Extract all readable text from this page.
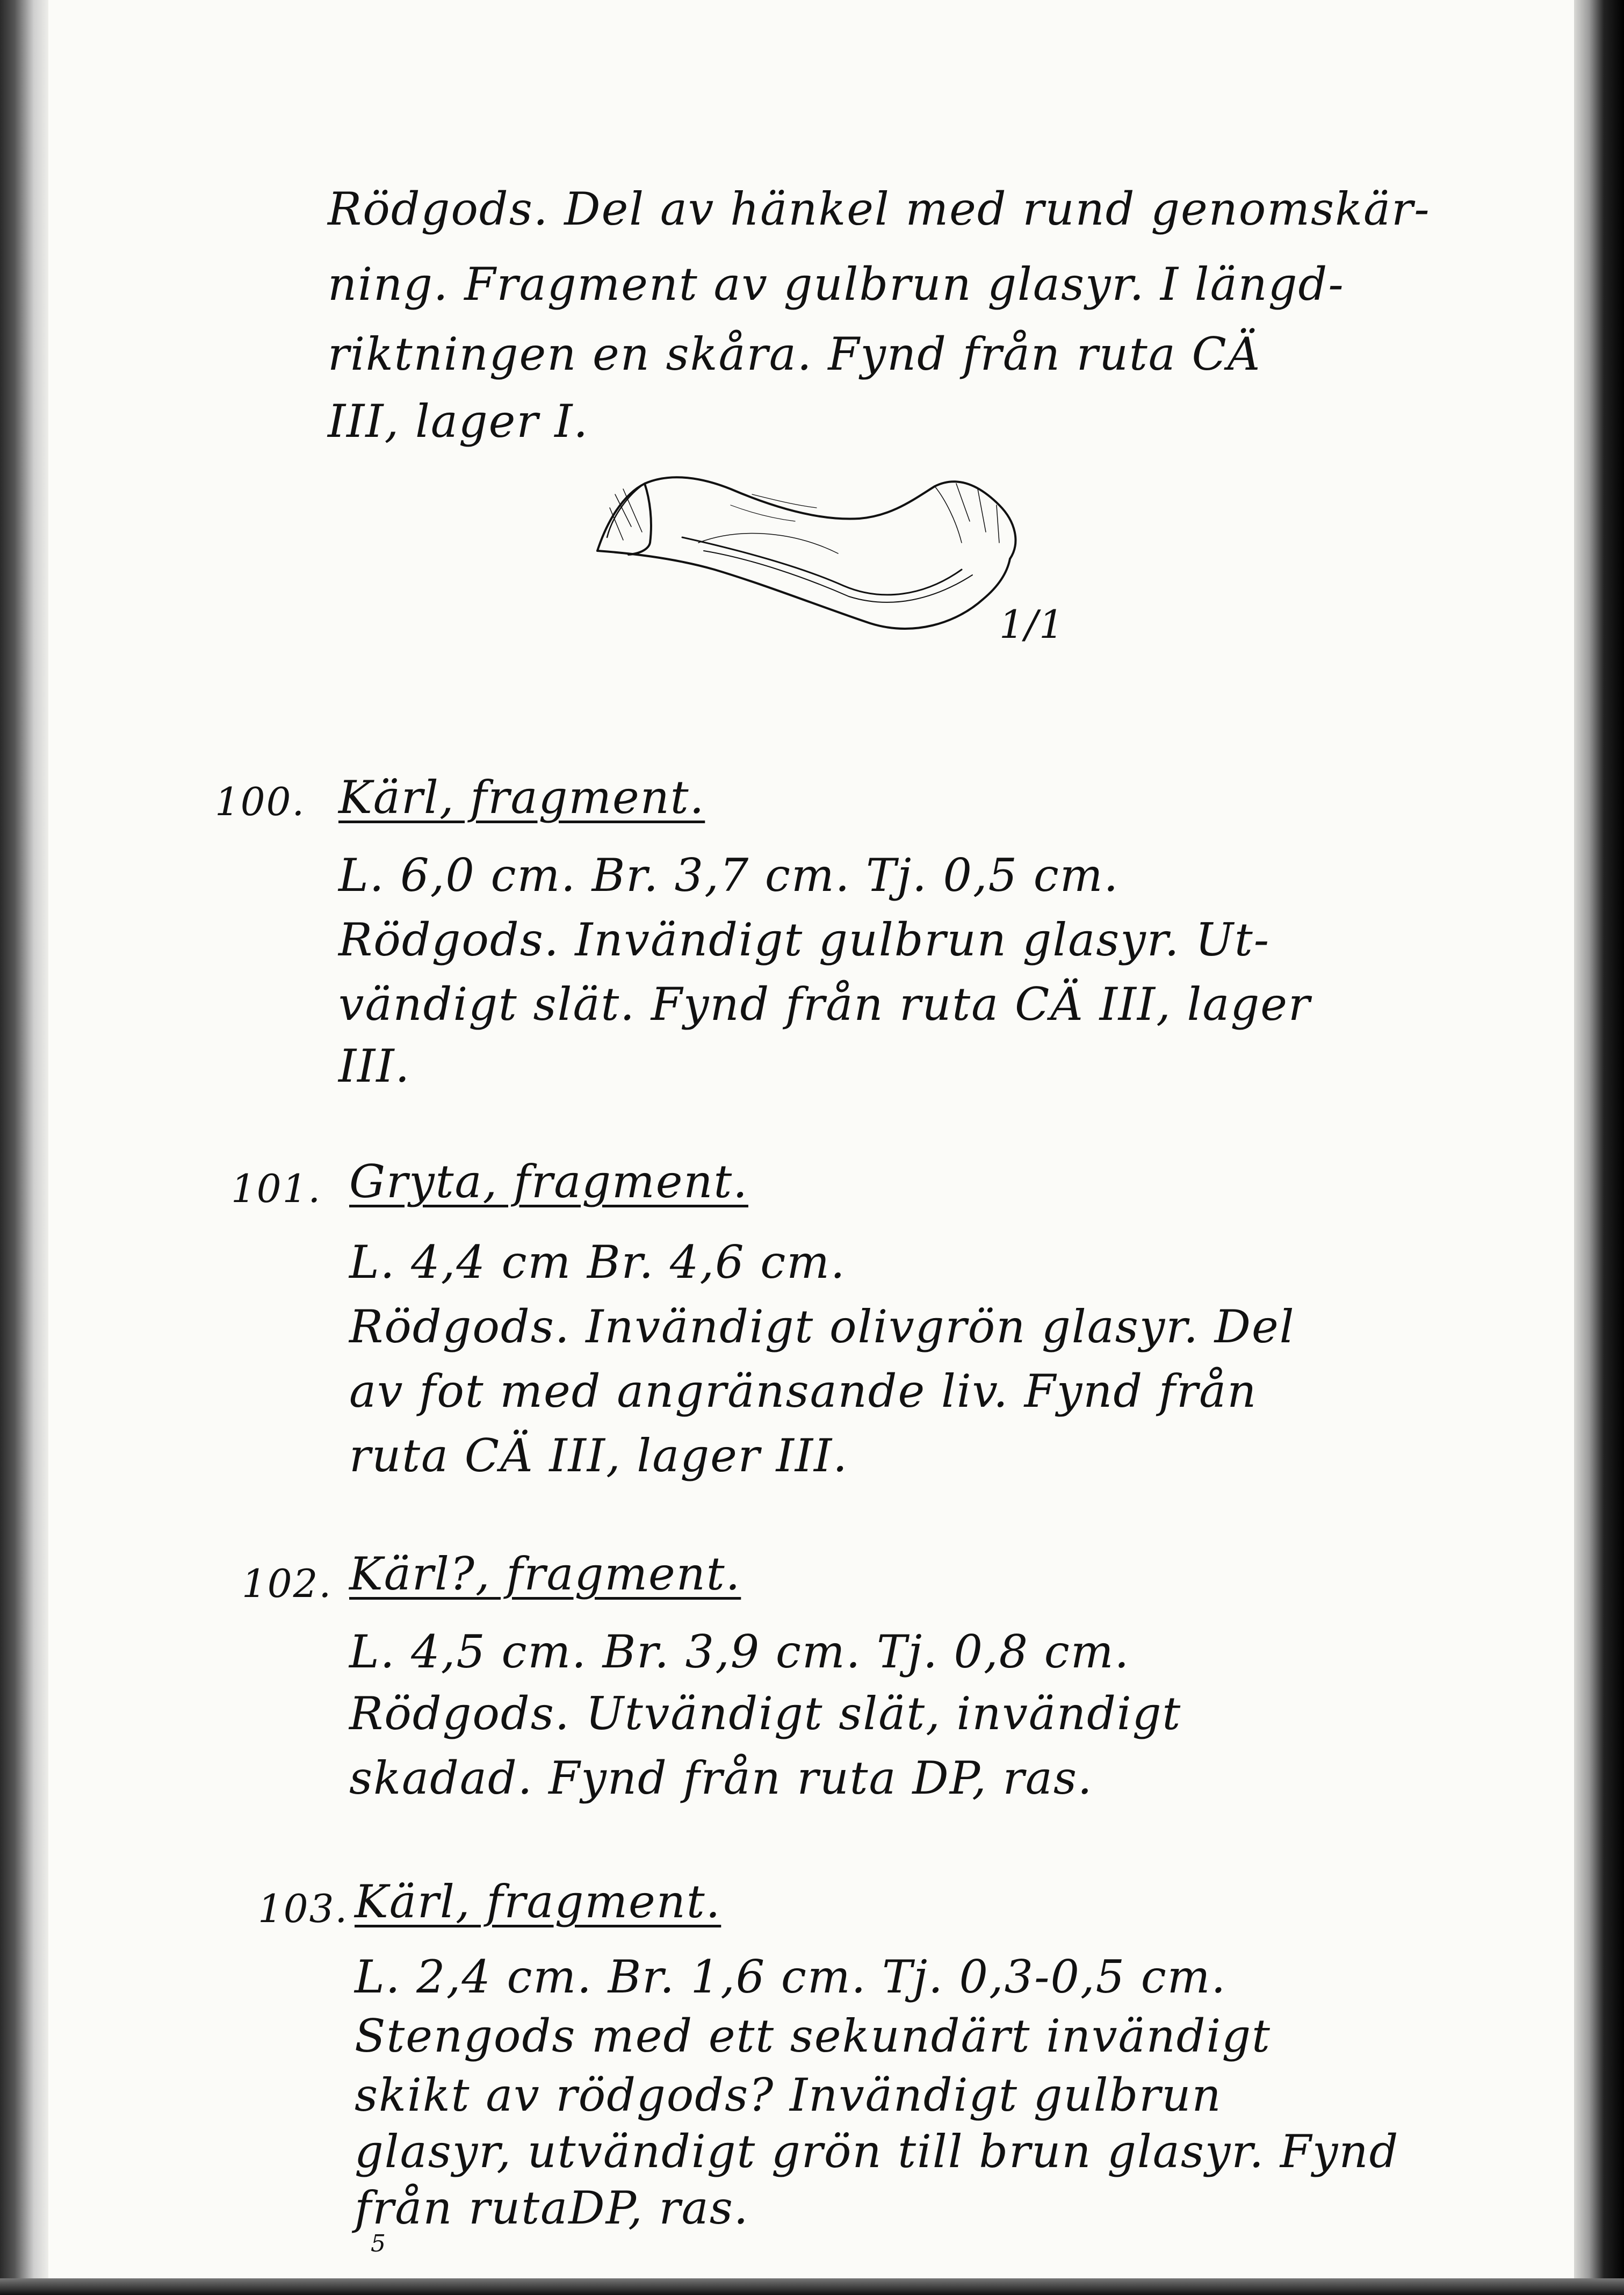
Rödgods. Del av hänkel med rund genomskär-
ning. Fragment av gulbrun glasyr. I längd-
riktningen en skåra. Fynd från ruta CÄ
III, lager I.
1/1
100. Kärl, fragment.
L. 6,0 cm. Br. 3,7 cm. Tj. 0,5 cm.
Rödgods. Invändigt gulbrun glasyr. Ut-
vändigt slät. Fynd från ruta CÄ III, lager
III.
101. Gryta, fragment.
L. 4,4 cm Br. 4,6 cm.
Rödgods. Invändigt olivgrön glasyr. Del
av fot med angränsande liv. Fynd från
ruta CÄ III, lager III.
102. Kärl?, fragment.
L. 4,5 cm. Br. 3,9 cm. Tj. 0,8 cm.
Rödgods. Utvändigt slät, invändigt
skadad. Fynd från ruta DP, ras.
103. Kärl, fragment.
L. 2,4 cm. Br. 1,6 cm. Tj. 0,3-0,5 cm.
Stengods med ett sekundärt invändigt
skikt av rödgods? Invändigt gulbrun
glasyr, utvändigt grön till brun glasyr. Fynd
från rutaDP, ras.
5
